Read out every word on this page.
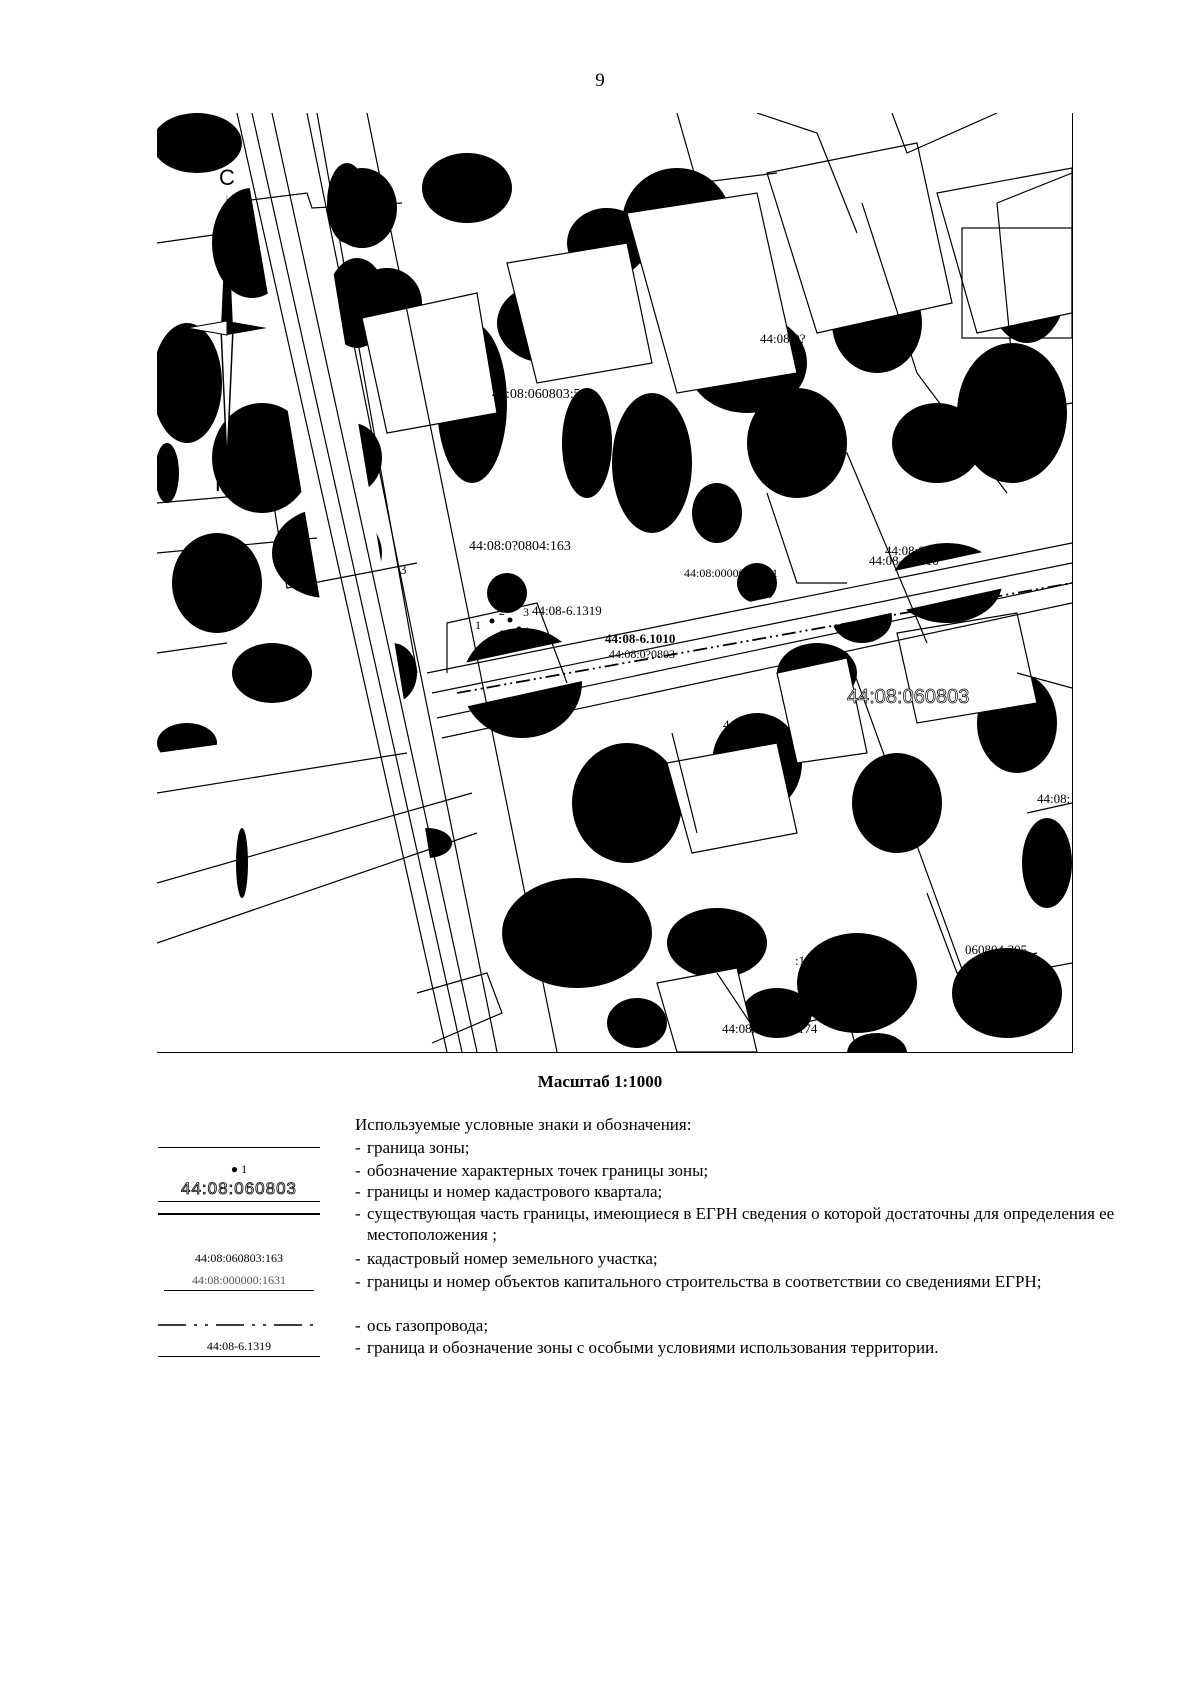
9
С
Ю
1
2 3
4
44:08:060803:58
44:08:0?0804:163
44:08:000000:1631
44:08-6.1319
44:08-6.1010
44:08:0?0803
44:08-6.1010
44:08:0?:1231
44:08:060803
44:08:0608
44:08:
060804:305
:163
44:08:0
44:08:060804:174
44:08:0?
3
Масштаб 1:1000
Используемые условные знаки и обозначения:
- граница зоны;
● 1	- обозначение характерных точек границы зоны;
44:08:060803	- границы и номер кадастрового квартала;
- существующая часть границы, имеющиеся в ЕГРН сведения о которой достаточны для определения ее местоположения ;
44:08:060803:163	- кадастровый номер земельного участка;
44:08:000000:1631	- границы и номер объектов капитального строительства в соответствии со сведениями ЕГРН;
- ось газопровода;
44:08-6.1319	- граница и обозначение зоны с особыми условиями использования территории.
